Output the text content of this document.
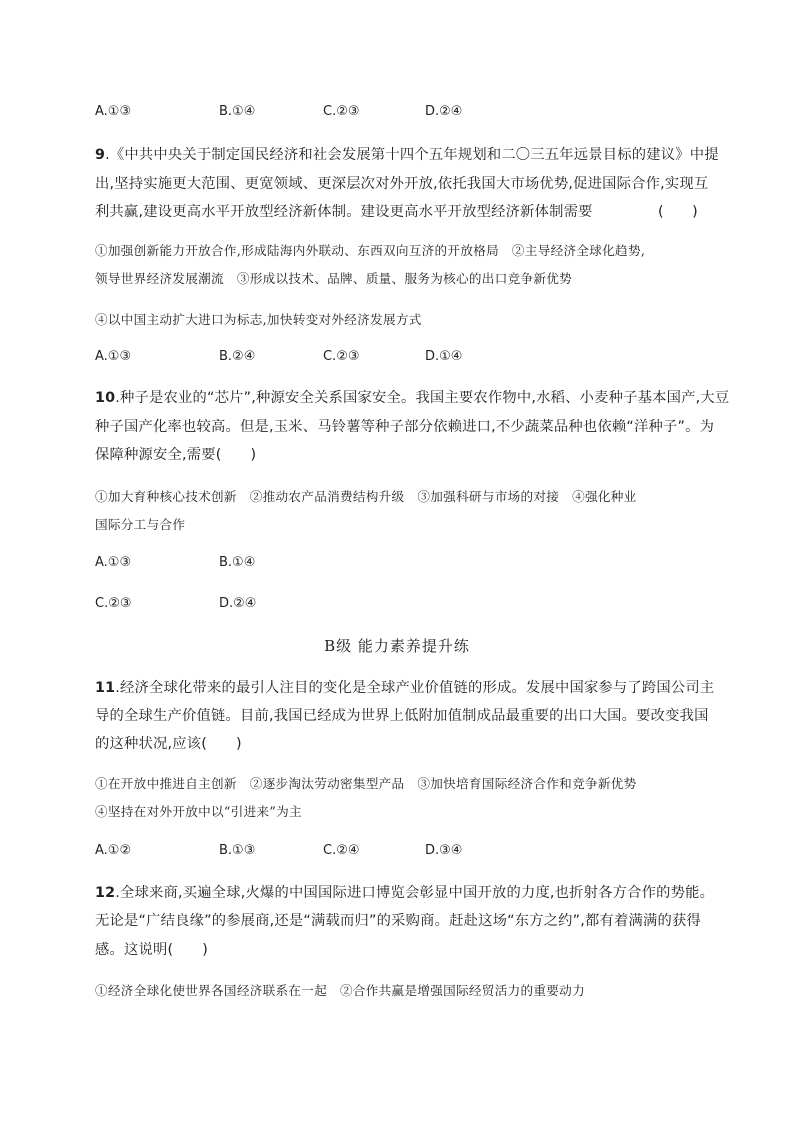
A.①③	B.①④	C.②③	D.②④
9.《中共中央关于制定国民经济和社会发展第十四个五年规划和二〇三五年远景目标的建议》中提
出,坚持实施更大范围、更宽领域、更深层次对外开放,依托我国大市场优势,促进国际合作,实现互
利共赢,建设更高水平开放型经济新体制。建设更高水平开放型经济新体制需要	(　　)
①加强创新能力开放合作,形成陆海内外联动、东西双向互济的开放格局　②主导经济全球化趋势,
领导世界经济发展潮流　③形成以技术、品牌、质量、服务为核心的出口竞争新优势
④以中国主动扩大进口为标志,加快转变对外经济发展方式
A.①③	B.②④	C.②③	D.①④
10.种子是农业的“芯片”,种源安全关系国家安全。我国主要农作物中,水稻、小麦种子基本国产,大豆
种子国产化率也较高。但是,玉米、马铃薯等种子部分依赖进口,不少蔬菜品种也依赖“洋种子”。为
保障种源安全,需要(　　)
①加大育种核心技术创新　②推动农产品消费结构升级　③加强科研与市场的对接　④强化种业
国际分工与合作
A.①③	B.①④
C.②③	D.②④
B级 能力素养提升练
11.经济全球化带来的最引人注目的变化是全球产业价值链的形成。发展中国家参与了跨国公司主
导的全球生产价值链。目前,我国已经成为世界上低附加值制成品最重要的出口大国。要改变我国
的这种状况,应该(　　)
①在开放中推进自主创新　②逐步淘汰劳动密集型产品　③加快培育国际经济合作和竞争新优势
④坚持在对外开放中以“引进来”为主
A.①②	B.①③	C.②④	D.③④
12.全球来商,买遍全球,火爆的中国国际进口博览会彰显中国开放的力度,也折射各方合作的势能。
无论是“广结良缘”的参展商,还是“满载而归”的采购商。赶赴这场“东方之约”,都有着满满的获得
感。这说明(　　)
①经济全球化使世界各国经济联系在一起　②合作共赢是增强国际经贸活力的重要动力
